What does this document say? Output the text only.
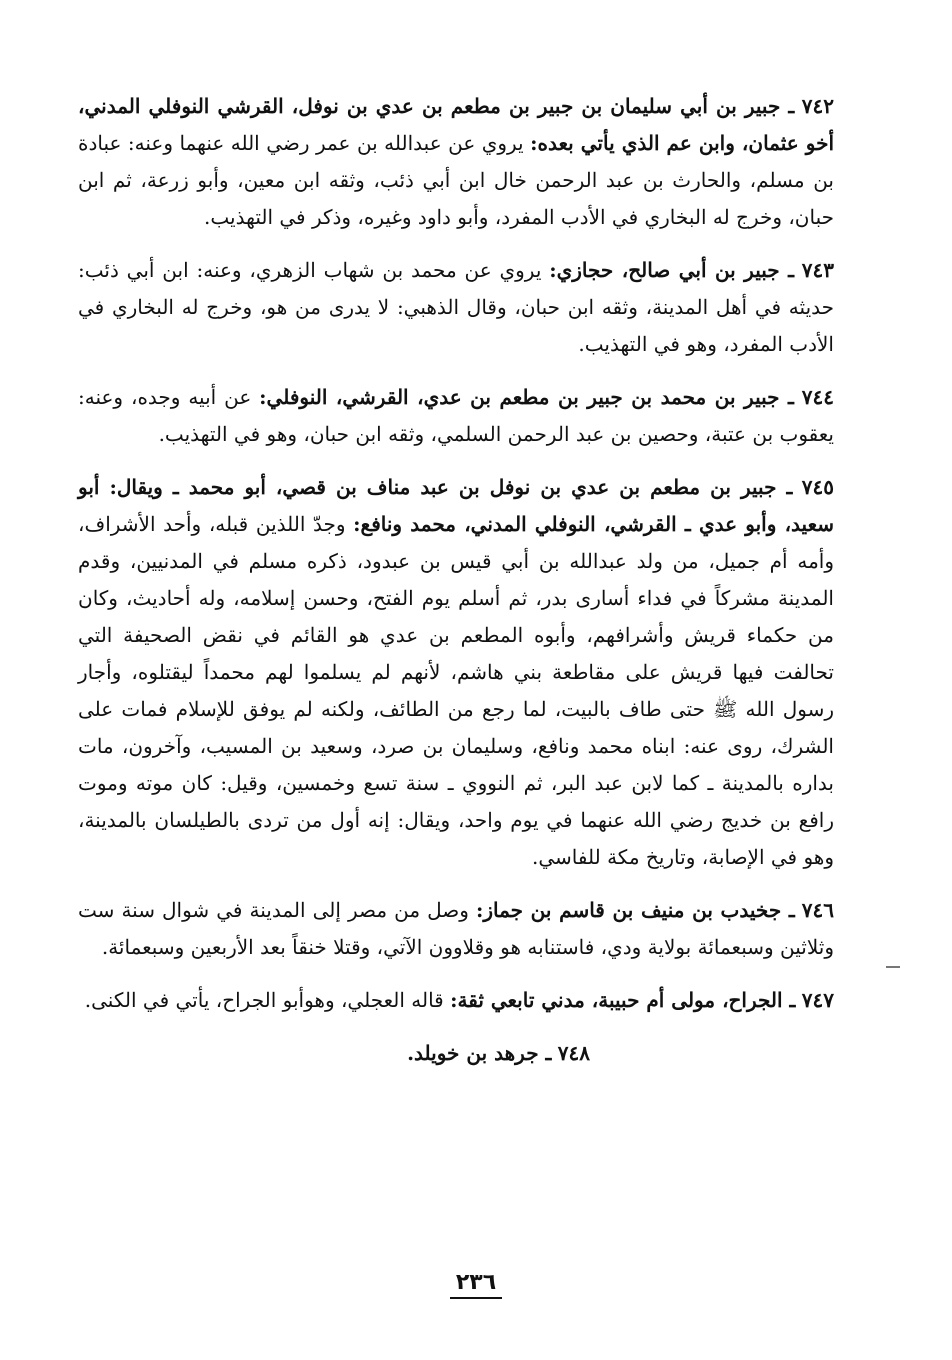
٧٤٢ ـ جبير بن أبي سليمان بن جبير بن مطعم بن عدي بن نوفل، القرشي النوفلي المدني، أخو عثمان، وابن عم الذي يأتي بعده: يروي عن عبدالله بن عمر رضي الله عنهما وعنه: عبادة بن مسلم، والحارث بن عبد الرحمن خال ابن أبي ذئب، وثقه ابن معين، وأبو زرعة، ثم ابن حبان، وخرج له البخاري في الأدب المفرد، وأبو داود وغيره، وذكر في التهذيب.

٧٤٣ ـ جبير بن أبي صالح، حجازي: يروي عن محمد بن شهاب الزهري، وعنه: ابن أبي ذئب: حديثه في أهل المدينة، وثقه ابن حبان، وقال الذهبي: لا يدرى من هو، وخرج له البخاري في الأدب المفرد، وهو في التهذيب.

٧٤٤ ـ جبير بن محمد بن جبير بن مطعم بن عدي، القرشي، النوفلي: عن أبيه وجده، وعنه: يعقوب بن عتبة، وحصين بن عبد الرحمن السلمي، وثقه ابن حبان، وهو في التهذيب.

٧٤٥ ـ جبير بن مطعم بن عدي بن نوفل بن عبد مناف بن قصي، أبو محمد ـ ويقال: أبو سعيد، وأبو عدي ـ القرشي، النوفلي المدني، محمد ونافع: وجدّ اللذين قبله، وأحد الأشراف، وأمه أم جميل، من ولد عبدالله بن أبي قيس بن عبدود، ذكره مسلم في المدنيين، وقدم المدينة مشركاً في فداء أسارى بدر، ثم أسلم يوم الفتح، وحسن إسلامه، وله أحاديث، وكان من حكماء قريش وأشرافهم، وأبوه المطعم بن عدي هو القائم في نقض الصحيفة التي تحالفت فيها قريش على مقاطعة بني هاشم، لأنهم لم يسلموا لهم محمداً ليقتلوه، وأجار رسول الله ﷺ حتى طاف بالبيت، لما رجع من الطائف، ولكنه لم يوفق للإسلام فمات على الشرك، روى عنه: ابناه محمد ونافع، وسليمان بن صرد، وسعيد بن المسيب، وآخرون، مات بداره بالمدينة ـ كما لابن عبد البر، ثم النووي ـ سنة تسع وخمسين، وقيل: كان موته وموت رافع بن خديج رضي الله عنهما في يوم واحد، ويقال: إنه أول من تردى بالطيلسان بالمدينة، وهو في الإصابة، وتاريخ مكة للفاسي.

٧٤٦ ـ جخيدب بن منيف بن قاسم بن جماز: وصل من مصر إلى المدينة في شوال سنة ست وثلاثين وسبعمائة بولاية ودي، فاستنابه هو وقلاوون الآتي، وقتلا خنقاً بعد الأربعين وسبعمائة.

٧٤٧ ـ الجراح، مولى أم حبيبة، مدني تابعي ثقة: قاله العجلي، وهوأبو الجراح، يأتي في الكنى.

٧٤٨ ـ جرهد بن خويلد.

٢٣٦
